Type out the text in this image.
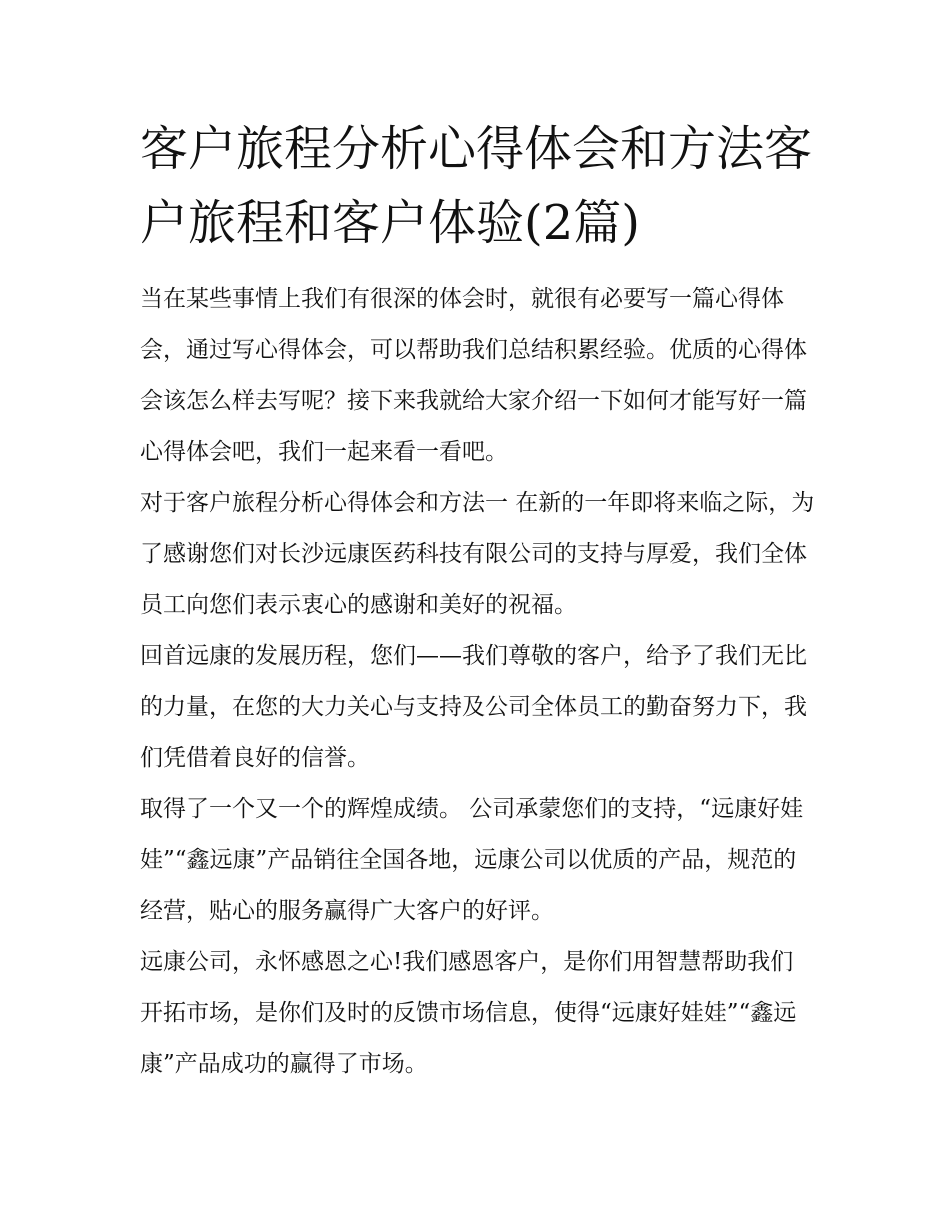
客户旅程分析心得体会和方法客户旅程和客户体验(2篇)

当在某些事情上我们有很深的体会时，就很有必要写一篇心得体会，通过写心得体会，可以帮助我们总结积累经验。优质的心得体会该怎么样去写呢？接下来我就给大家介绍一下如何才能写好一篇心得体会吧，我们一起来看一看吧。

对于客户旅程分析心得体会和方法一 在新的一年即将来临之际，为了感谢您们对长沙远康医药科技有限公司的支持与厚爱，我们全体员工向您们表示衷心的感谢和美好的祝福。

回首远康的发展历程，您们——我们尊敬的客户，给予了我们无比的力量，在您的大力关心与支持及公司全体员工的勤奋努力下，我们凭借着良好的信誉。

取得了一个又一个的辉煌成绩。 公司承蒙您们的支持，“远康好娃娃”“鑫远康”产品销往全国各地，远康公司以优质的产品，规范的经营，贴心的服务赢得广大客户的好评。

远康公司，永怀感恩之心!我们感恩客户，是你们用智慧帮助我们开拓市场，是你们及时的反馈市场信息，使得“远康好娃娃”“鑫远康”产品成功的赢得了市场。
